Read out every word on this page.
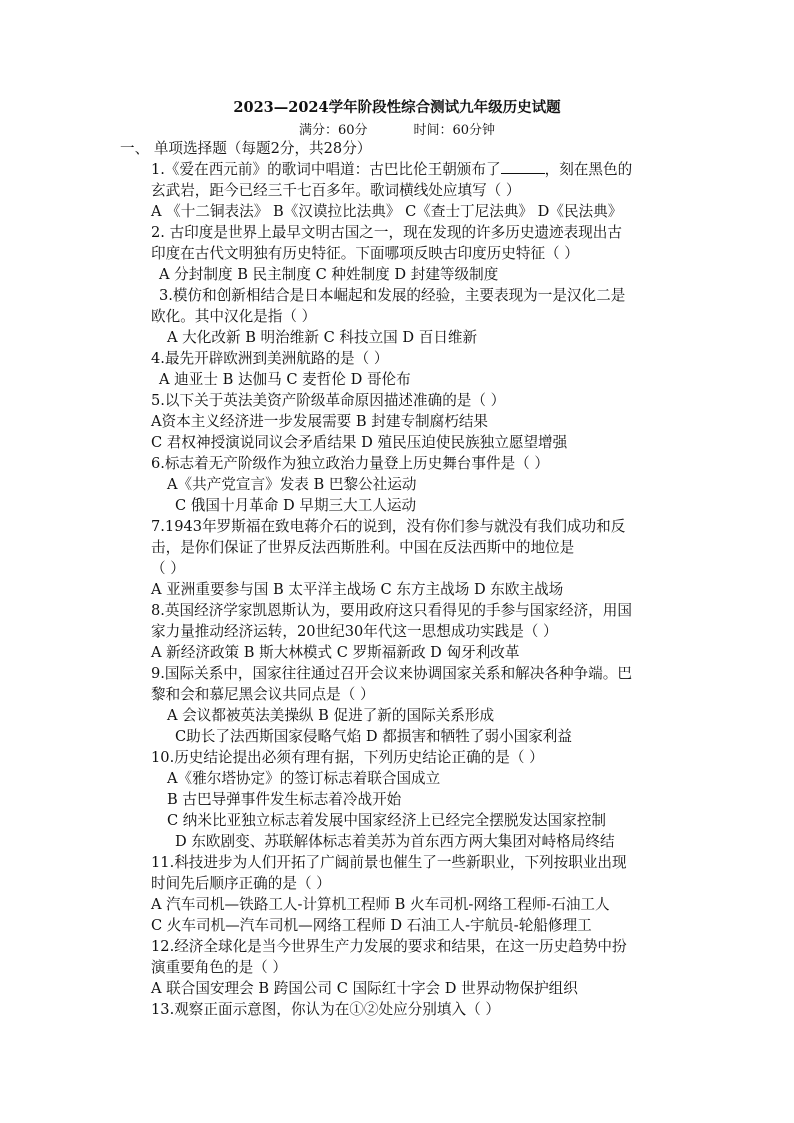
2023—2024学年阶段性综合测试九年级历史试题
满分：60分	时间：60分钟
一、 单项选择题（每题2分，共28分）
1.《爱在西元前》的歌词中唱道：古巴比伦王朝颁布了	，刻在黑色的
玄武岩，距今已经三千七百多年。歌词横线处应填写（ ）
A 《十二铜表法》 B《汉谟拉比法典》 C《查士丁尼法典》 D《民法典》
2. 古印度是世界上最早文明古国之一，现在发现的许多历史遗迹表现出古
印度在古代文明独有历史特征。下面哪项反映古印度历史特征（ ）
A 分封制度 B 民主制度 C 种姓制度 D 封建等级制度
3.模仿和创新相结合是日本崛起和发展的经验，主要表现为一是汉化二是
欧化。其中汉化是指（ ）
A 大化改新 B 明治维新 C 科技立国 D 百日维新
4.最先开辟欧洲到美洲航路的是（ ）
A 迪亚士 B 达伽马 C 麦哲伦 D 哥伦布
5.以下关于英法美资产阶级革命原因描述准确的是（ ）
A资本主义经济进一步发展需要 B 封建专制腐朽结果
C 君权神授演说同议会矛盾结果 D 殖民压迫使民族独立愿望增强
6.标志着无产阶级作为独立政治力量登上历史舞台事件是（ ）
A《共产党宣言》发表 B 巴黎公社运动
C 俄国十月革命 D 早期三大工人运动
7.1943年罗斯福在致电蒋介石的说到，没有你们参与就没有我们成功和反
击，是你们保证了世界反法西斯胜利。中国在反法西斯中的地位是
（ ）
A 亚洲重要参与国 B 太平洋主战场 C 东方主战场 D 东欧主战场
8.英国经济学家凯恩斯认为，要用政府这只看得见的手参与国家经济，用国
家力量推动经济运转，20世纪30年代这一思想成功实践是（ ）
A 新经济政策 B 斯大林模式 C 罗斯福新政 D 匈牙利改革
9.国际关系中，国家往往通过召开会议来协调国家关系和解决各种争端。巴
黎和会和慕尼黑会议共同点是（ ）
A 会议都被英法美操纵 B 促进了新的国际关系形成
C助长了法西斯国家侵略气焰 D 都损害和牺牲了弱小国家利益
10.历史结论提出必须有理有据，下列历史结论正确的是（ ）
A《雅尔塔协定》的签订标志着联合国成立
B 古巴导弹事件发生标志着冷战开始
C 纳米比亚独立标志着发展中国家经济上已经完全摆脱发达国家控制
D 东欧剧变、苏联解体标志着美苏为首东西方两大集团对峙格局终结
11.科技进步为人们开拓了广阔前景也催生了一些新职业，下列按职业出现
时间先后顺序正确的是（ ）
A 汽车司机—铁路工人-计算机工程师 B 火车司机-网络工程师-石油工人
C 火车司机—汽车司机—网络工程师 D 石油工人-宇航员-轮船修理工
12.经济全球化是当今世界生产力发展的要求和结果，在这一历史趋势中扮
演重要角色的是（ ）
A 联合国安理会 B 跨国公司 C 国际红十字会 D 世界动物保护组织
13.观察正面示意图，你认为在①②处应分别填入（ ）
